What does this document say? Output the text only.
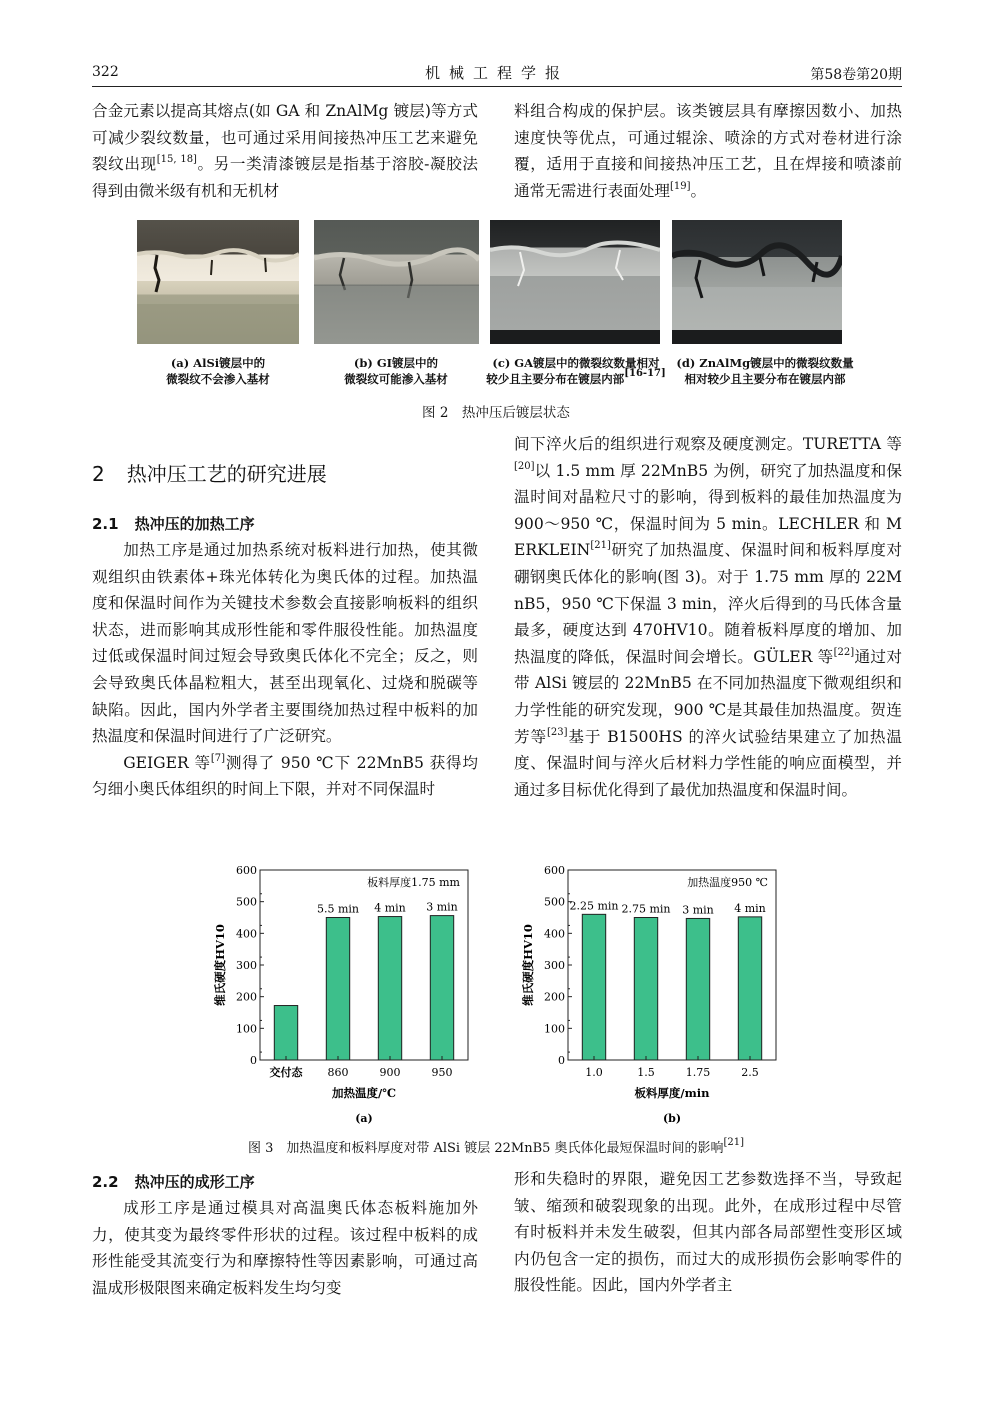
322	机械工程学报	第58卷第20期
合金元素以提高其熔点(如 GA 和 ZnAlMg 镀层)等方式可减少裂纹数量，也可通过采用间接热冲压工艺来避免裂纹出现[15, 18]。另一类清漆镀层是指基于溶胶-凝胶法得到由微米级有机和无机材
料组合构成的保护层。该类镀层具有摩擦因数小、加热速度快等优点，可通过辊涂、喷涂的方式对卷材进行涂覆，适用于直接和间接热冲压工艺，且在焊接和喷漆前通常无需进行表面处理[19]。
(a) AlSi镀层中的
微裂纹不会渗入基材
(b) GI镀层中的
微裂纹可能渗入基材
(c) GA镀层中的微裂纹数量相对
较少且主要分布在镀层内部[16-17]
(d) ZnAlMg镀层中的微裂纹数量
相对较少且主要分布在镀层内部
图 2　热冲压后镀层状态
2 热冲压工艺的研究进展
2.1 热冲压的加热工序

加热工序是通过加热系统对板料进行加热，使其微观组织由铁素体+珠光体转化为奥氏体的过程。加热温度和保温时间作为关键技术参数会直接影响板料的组织状态，进而影响其成形性能和零件服役性能。加热温度过低或保温时间过短会导致奥氏体化不完全；反之，则会导致奥氏体晶粒粗大，甚至出现氧化、过烧和脱碳等缺陷。因此，国内外学者主要围绕加热过程中板料的加热温度和保温时间进行了广泛研究。

GEIGER 等[7]测得了 950 ℃下 22MnB5 获得均匀细小奥氏体组织的时间上下限，并对不同保温时

间下淬火后的组织进行观察及硬度测定。TURETTA 等[20]以 1.5 mm 厚 22MnB5 为例，研究了加热温度和保温时间对晶粒尺寸的影响，得到板料的最佳加热温度为 900～950 ℃，保温时间为 5 min。LECHLER 和 MERKLEIN[21]研究了加热温度、保温时间和板料厚度对硼钢奥氏体化的影响(图 3)。对于 1.75 mm 厚的 22MnB5，950 ℃下保温 3 min，淬火后得到的马氏体含量最多，硬度达到 470HV10。随着板料厚度的增加、加热温度的降低，保温时间会增长。GÜLER 等[22]通过对带 AlSi 镀层的 22MnB5 在不同加热温度下微观组织和力学性能的研究发现，900 ℃是其最佳加热温度。贺连芳等[23]基于 B1500HS 的淬火试验结果建立了加热温度、保温时间与淬火后材料力学性能的响应面模型，并通过多目标优化得到了最优加热温度和保温时间。
0
100
200
300
400
500
600
交付态 860
5.5 min
900
4 min
950
3 min
板料厚度1.75 mm
加热温度/℃
维氏硬度HV10
(a)
0
100
200
300
400
500
600
1.0
2.25 min
1.5
2.75 min
1.75
3 min
2.5
4 min
加热温度950 ℃
板料厚度/min
维氏硬度HV10
(b)
图 3　加热温度和板料厚度对带 AlSi 镀层 22MnB5 奥氏体化最短保温时间的影响[21]
2.2 热冲压的成形工序

成形工序是通过模具对高温奥氏体态板料施加外力，使其变为最终零件形状的过程。该过程中板料的成形性能受其流变行为和摩擦特性等因素影响，可通过高温成形极限图来确定板料发生均匀变

形和失稳时的界限，避免因工艺参数选择不当，导致起皱、缩颈和破裂现象的出现。此外，在成形过程中尽管有时板料并未发生破裂，但其内部各局部塑性变形区域内仍包含一定的损伤，而过大的成形损伤会影响零件的服役性能。因此，国内外学者主
